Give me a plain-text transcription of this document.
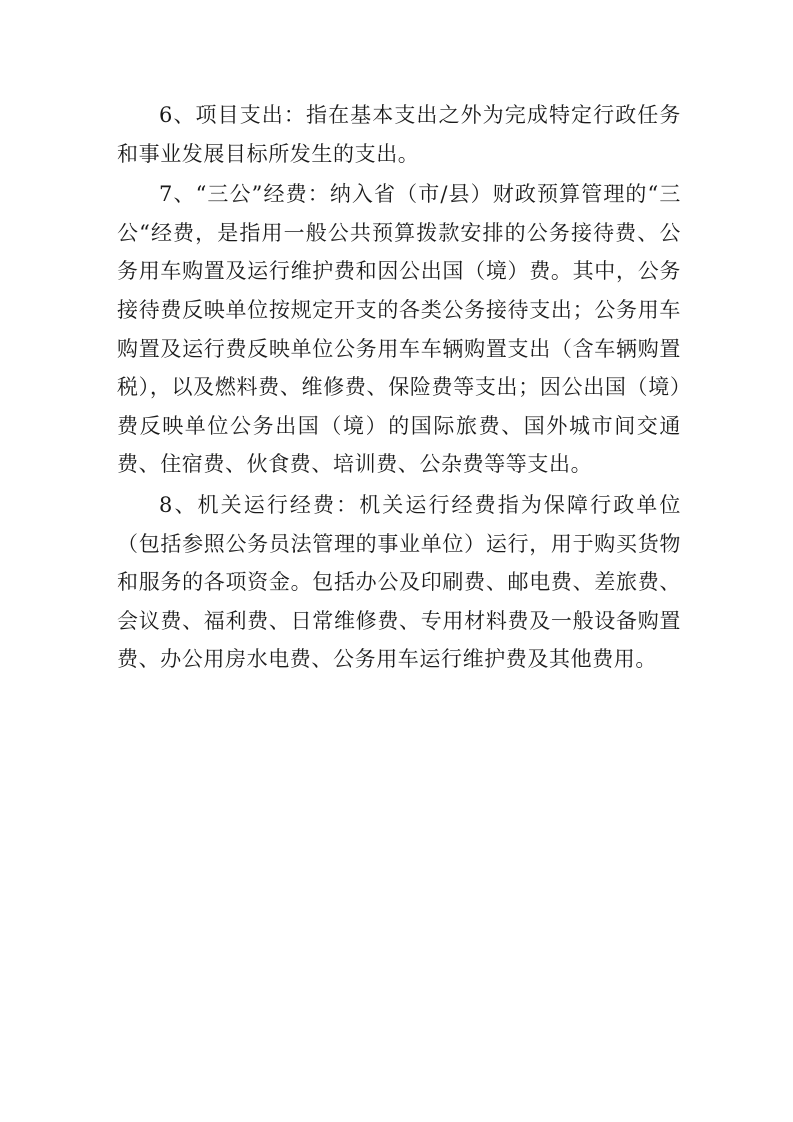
6、项目支出：指在基本支出之外为完成特定行政任务和事业发展目标所发生的支出。

7、“三公”经费：纳入省（市/县）财政预算管理的“三公“经费，是指用一般公共预算拨款安排的公务接待费、公务用车购置及运行维护费和因公出国（境）费。其中，公务接待费反映单位按规定开支的各类公务接待支出；公务用车购置及运行费反映单位公务用车车辆购置支出（含车辆购置税），以及燃料费、维修费、保险费等支出；因公出国（境）费反映单位公务出国（境）的国际旅费、国外城市间交通费、住宿费、伙食费、培训费、公杂费等等支出。

8、机关运行经费：机关运行经费指为保障行政单位（包括参照公务员法管理的事业单位）运行，用于购买货物和服务的各项资金。包括办公及印刷费、邮电费、差旅费、会议费、福利费、日常维修费、专用材料费及一般设备购置费、办公用房水电费、公务用车运行维护费及其他费用。
